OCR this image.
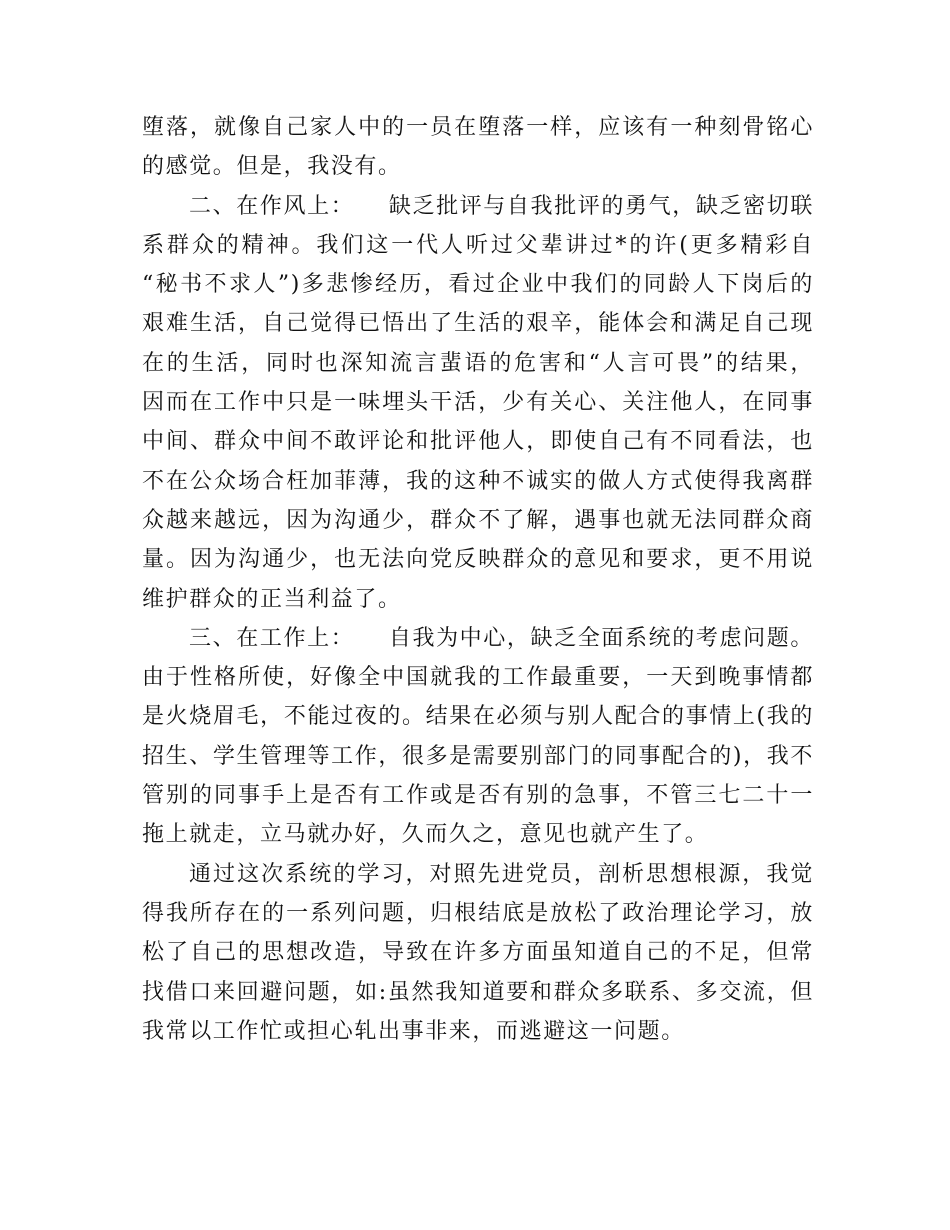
堕落，就像自己家人中的一员在堕落一样，应该有一种刻骨铭心
的感觉。但是，我没有。
二、在作风上：    缺乏批评与自我批评的勇气，缺乏密切联
系群众的精神。我们这一代人听过父辈讲过*的许(更多精彩自
“秘书不求人”)多悲惨经历，看过企业中我们的同龄人下岗后的
艰难生活，自己觉得已悟出了生活的艰辛，能体会和满足自己现
在的生活，同时也深知流言蜚语的危害和“人言可畏”的结果，
因而在工作中只是一味埋头干活，少有关心、关注他人，在同事
中间、群众中间不敢评论和批评他人，即使自己有不同看法，也
不在公众场合枉加菲薄，我的这种不诚实的做人方式使得我离群
众越来越远，因为沟通少，群众不了解，遇事也就无法同群众商
量。因为沟通少，也无法向党反映群众的意见和要求，更不用说
维护群众的正当利益了。
三、在工作上：    自我为中心，缺乏全面系统的考虑问题。
由于性格所使，好像全中国就我的工作最重要，一天到晚事情都
是火烧眉毛，不能过夜的。结果在必须与别人配合的事情上(我的
招生、学生管理等工作，很多是需要别部门的同事配合的)，我不
管别的同事手上是否有工作或是否有别的急事，不管三七二十一
拖上就走，立马就办好，久而久之，意见也就产生了。
通过这次系统的学习，对照先进党员，剖析思想根源，我觉
得我所存在的一系列问题，归根结底是放松了政治理论学习，放
松了自己的思想改造，导致在许多方面虽知道自己的不足，但常
找借口来回避问题，如:虽然我知道要和群众多联系、多交流，但
我常以工作忙或担心轧出事非来，而逃避这一问题。
